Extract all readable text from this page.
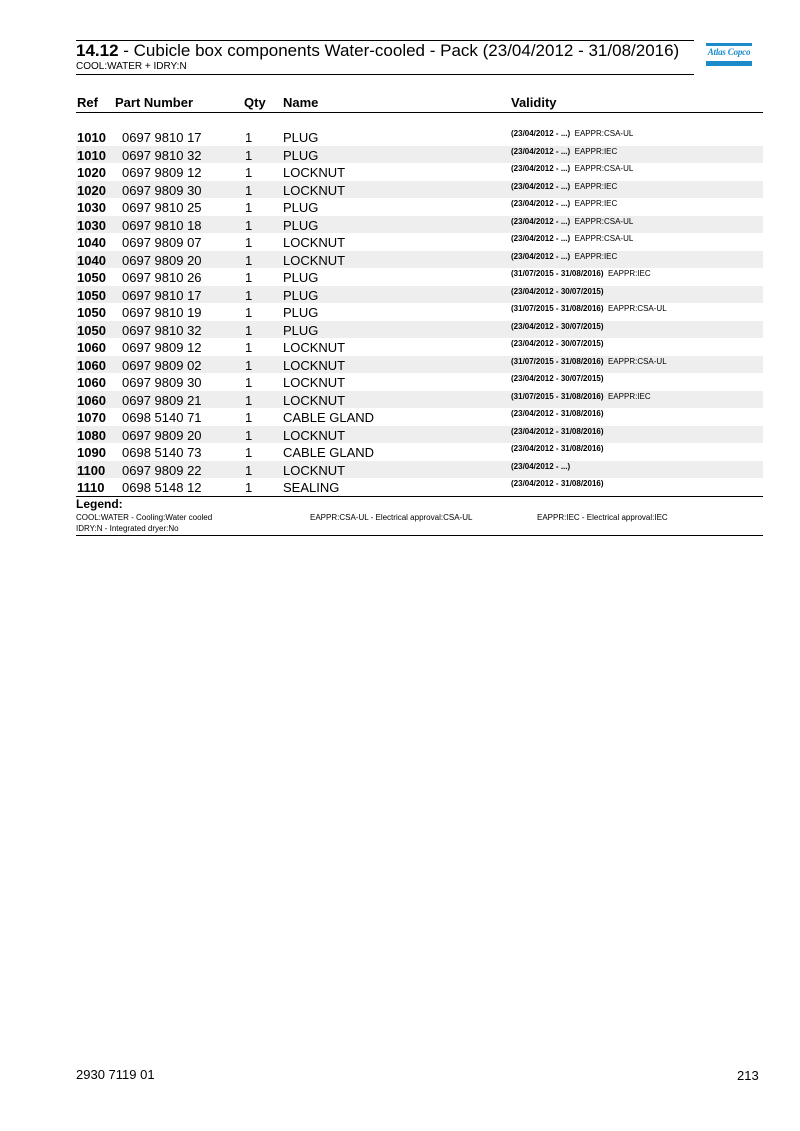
14.12 - Cubicle box components Water-cooled - Pack (23/04/2012 - 31/08/2016)
COOL:WATER + IDRY:N
Atlas Copco
Ref Part Number	Qty Name	Validity
1010 0697 9810 17	1 PLUG	(23/04/2012 - ...) EAPPR:CSA-UL
1010 0697 9810 32	1 PLUG	(23/04/2012 - ...) EAPPR:IEC
1020 0697 9809 12	1 LOCKNUT	(23/04/2012 - ...) EAPPR:CSA-UL
1020 0697 9809 30	1 LOCKNUT	(23/04/2012 - ...) EAPPR:IEC
1030 0697 9810 25	1 PLUG	(23/04/2012 - ...) EAPPR:IEC
1030 0697 9810 18	1 PLUG	(23/04/2012 - ...) EAPPR:CSA-UL
1040 0697 9809 07	1 LOCKNUT	(23/04/2012 - ...) EAPPR:CSA-UL
1040 0697 9809 20	1 LOCKNUT	(23/04/2012 - ...) EAPPR:IEC
1050 0697 9810 26	1 PLUG	(31/07/2015 - 31/08/2016) EAPPR:IEC
1050 0697 9810 17	1 PLUG	(23/04/2012 - 30/07/2015)
1050 0697 9810 19	1 PLUG	(31/07/2015 - 31/08/2016) EAPPR:CSA-UL
1050 0697 9810 32	1 PLUG	(23/04/2012 - 30/07/2015)
1060 0697 9809 12	1 LOCKNUT	(23/04/2012 - 30/07/2015)
1060 0697 9809 02	1 LOCKNUT	(31/07/2015 - 31/08/2016) EAPPR:CSA-UL
1060 0697 9809 30	1 LOCKNUT	(23/04/2012 - 30/07/2015)
1060 0697 9809 21	1 LOCKNUT	(31/07/2015 - 31/08/2016) EAPPR:IEC
1070 0698 5140 71	1 CABLE GLAND	(23/04/2012 - 31/08/2016)
1080 0697 9809 20	1 LOCKNUT	(23/04/2012 - 31/08/2016)
1090 0698 5140 73	1 CABLE GLAND	(23/04/2012 - 31/08/2016)
1100 0697 9809 22	1 LOCKNUT	(23/04/2012 - ...)
1110 0698 5148 12	1 SEALING	(23/04/2012 - 31/08/2016)
Legend:
COOL:WATER - Cooling:Water cooled
IDRY:N - Integrated dryer:No
EAPPR:CSA-UL - Electrical approval:CSA-UL	EAPPR:IEC - Electrical approval:IEC
2930 7119 01	213
